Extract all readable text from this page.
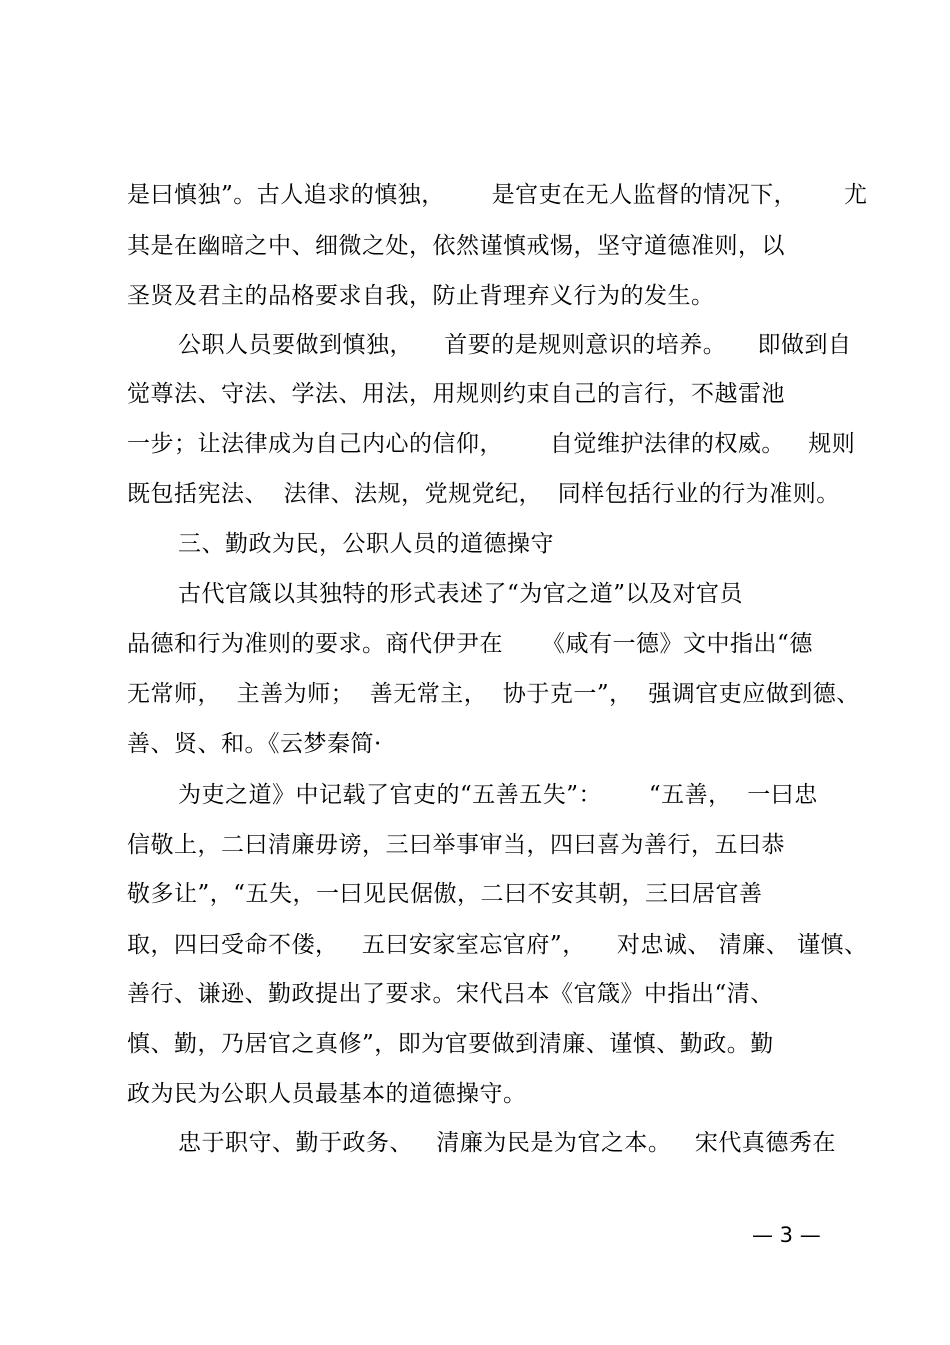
是曰慎独”。古人追求的慎独，      是官吏在无人监督的情况下，      尤
其是在幽暗之中、细微之处，依然谨慎戒惕，坚守道德准则，以
圣贤及君主的品格要求自我，防止背理弃义行为的发生。
公职人员要做到慎独，    首要的是规则意识的培养。    即做到自
觉尊法、守法、学法、用法，用规则约束自己的言行，不越雷池
一步；让法律成为自己内心的信仰，      自觉维护法律的权威。   规则
既包括宪法、  法律、法规，党规党纪，  同样包括行业的行为准则。
三、勤政为民，公职人员的道德操守
古代官箴以其独特的形式表述了“为官之道”以及对官员
品德和行为准则的要求。商代伊尹在     《咸有一德》文中指出“德
无常师，  主善为师；  善无常主，  协于克一”，  强调官吏应做到德、
善、贤、和。《云梦秦简·
为吏之道》中记载了官吏的“五善五失”：      “五善，  一曰忠
信敬上，二曰清廉毋谤，三曰举事审当，四曰喜为善行，五曰恭
敬多让”，“五失，一曰见民倨傲，二曰不安其朝，三曰居官善
取，四曰受命不偻，   五曰安家室忘官府”，    对忠诚、 清廉、 谨慎、
善行、谦逊、勤政提出了要求。宋代吕本《官箴》中指出“清、
慎、勤，乃居官之真修”，即为官要做到清廉、谨慎、勤政。勤
政为民为公职人员最基本的道德操守。
忠于职守、勤于政务、   清廉为民是为官之本。   宋代真德秀在
— 3 —
